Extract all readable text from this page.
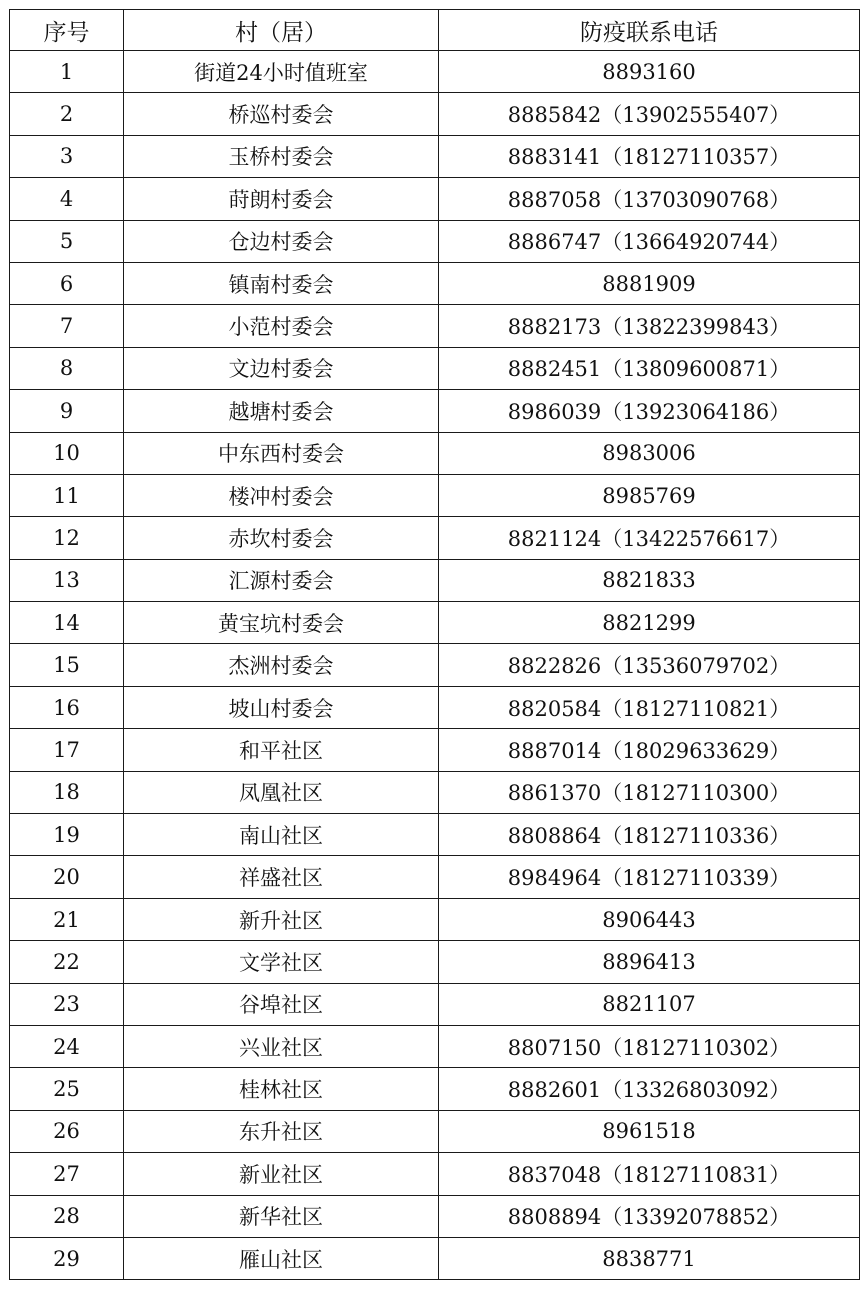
序号	村（居）	防疫联系电话
1	街道24小时值班室	8893160
2	桥巡村委会	8885842（13902555407）
3	玉桥村委会	8883141（18127110357）
4	莳朗村委会	8887058（13703090768）
5	仓边村委会	8886747（13664920744）
6	镇南村委会	8881909
7	小范村委会	8882173（13822399843）
8	文边村委会	8882451（13809600871）
9	越塘村委会	8986039（13923064186）
10	中东西村委会	8983006
11	楼冲村委会	8985769
12	赤坎村委会	8821124（13422576617）
13	汇源村委会	8821833
14	黄宝坑村委会	8821299
15	杰洲村委会	8822826（13536079702）
16	坡山村委会	8820584（18127110821）
17	和平社区	8887014（18029633629）
18	凤凰社区	8861370（18127110300）
19	南山社区	8808864（18127110336）
20	祥盛社区	8984964（18127110339）
21	新升社区	8906443
22	文学社区	8896413
23	谷埠社区	8821107
24	兴业社区	8807150（18127110302）
25	桂林社区	8882601（13326803092）
26	东升社区	8961518
27	新业社区	8837048（18127110831）
28	新华社区	8808894（13392078852）
29	雁山社区	8838771
